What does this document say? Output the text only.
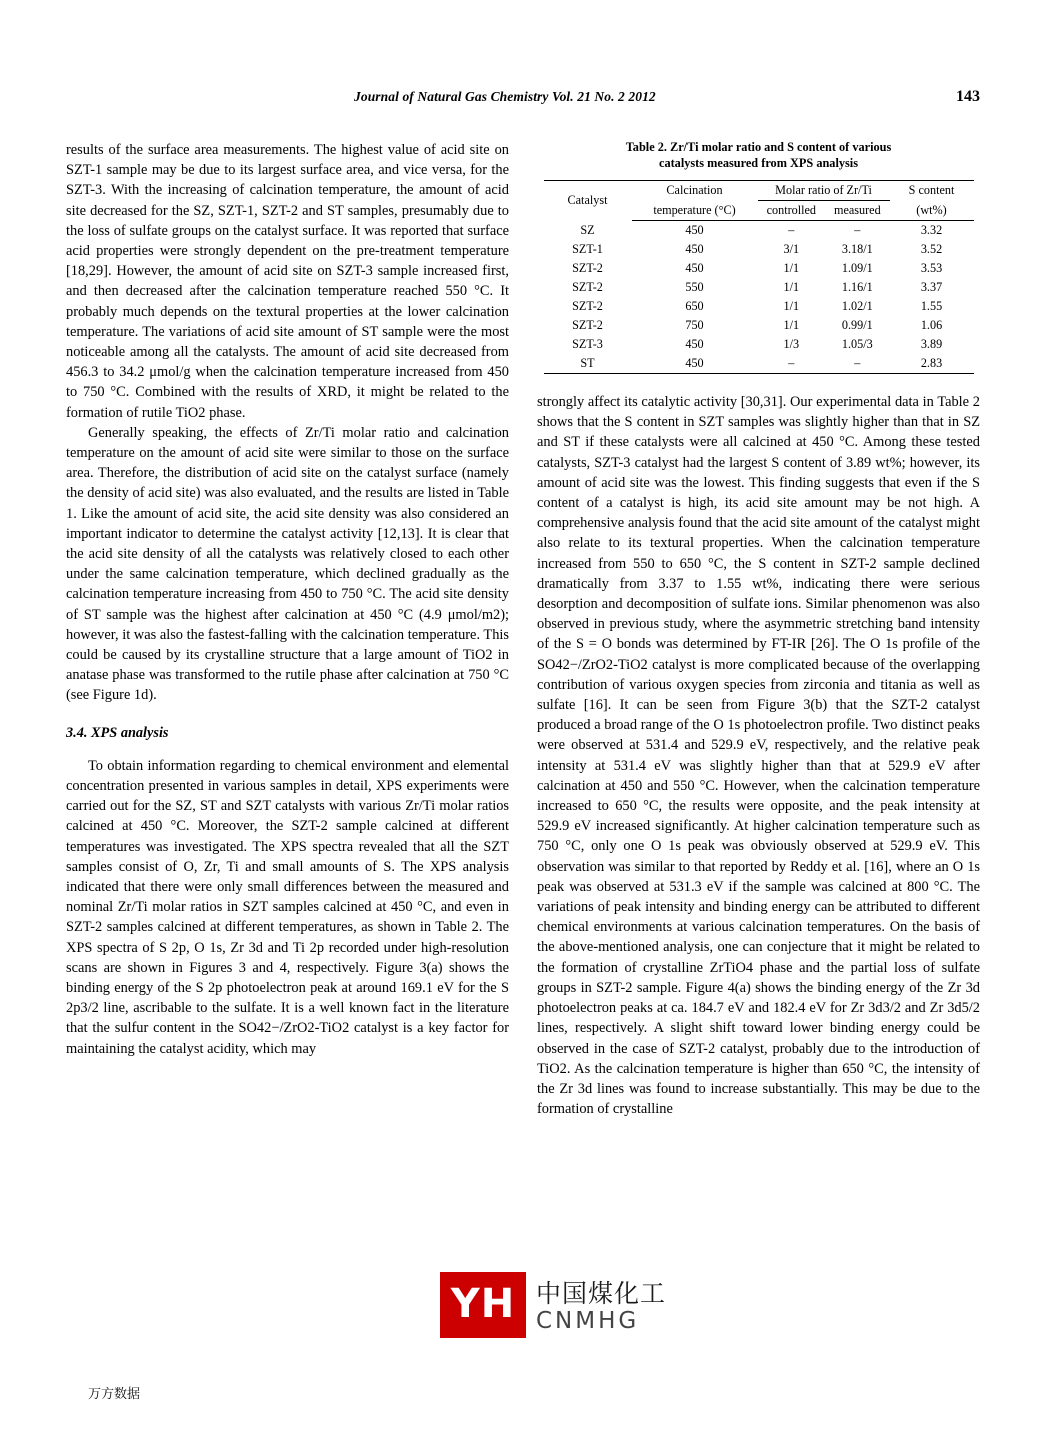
Journal of Natural Gas Chemistry Vol. 21 No. 2 2012	143

results of the surface area measurements. The highest value of acid site on SZT-1 sample may be due to its largest surface area, and vice versa, for the SZT-3. With the increasing of calcination temperature, the amount of acid site decreased for the SZ, SZT-1, SZT-2 and ST samples, presumably due to the loss of sulfate groups on the catalyst surface. It was reported that surface acid properties were strongly dependent on the pre-treatment temperature [18,29]. However, the amount of acid site on SZT-3 sample increased first, and then decreased after the calcination temperature reached 550 °C. It probably much depends on the textural properties at the lower calcination temperature. The variations of acid site amount of ST sample were the most noticeable among all the catalysts. The amount of acid site decreased from 456.3 to 34.2 μmol/g when the calcination temperature increased from 450 to 750 °C. Combined with the results of XRD, it might be related to the formation of rutile TiO2 phase.

Generally speaking, the effects of Zr/Ti molar ratio and calcination temperature on the amount of acid site were similar to those on the surface area. Therefore, the distribution of acid site on the catalyst surface (namely the density of acid site) was also evaluated, and the results are listed in Table 1. Like the amount of acid site, the acid site density was also considered an important indicator to determine the catalyst activity [12,13]. It is clear that the acid site density of all the catalysts was relatively closed to each other under the same calcination temperature, which declined gradually as the calcination temperature increasing from 450 to 750 °C. The acid site density of ST sample was the highest after calcination at 450 °C (4.9 μmol/m2); however, it was also the fastest-falling with the calcination temperature. This could be caused by its crystalline structure that a large amount of TiO2 in anatase phase was transformed to the rutile phase after calcination at 750 °C (see Figure 1d).

3.4. XPS analysis

To obtain information regarding to chemical environment and elemental concentration presented in various samples in detail, XPS experiments were carried out for the SZ, ST and SZT catalysts with various Zr/Ti molar ratios calcined at 450 °C. Moreover, the SZT-2 sample calcined at different temperatures was investigated. The XPS spectra revealed that all the SZT samples consist of O, Zr, Ti and small amounts of S. The XPS analysis indicated that there were only small differences between the measured and nominal Zr/Ti molar ratios in SZT samples calcined at 450 °C, and even in SZT-2 samples calcined at different temperatures, as shown in Table 2. The XPS spectra of S 2p, O 1s, Zr 3d and Ti 2p recorded under high-resolution scans are shown in Figures 3 and 4, respectively. Figure 3(a) shows the binding energy of the S 2p photoelectron peak at around 169.1 eV for the S 2p3/2 line, ascribable to the sulfate. It is a well known fact in the literature that the sulfur content in the SO42−/ZrO2-TiO2 catalyst is a key factor for maintaining the catalyst acidity, which may

Table 2. Zr/Ti molar ratio and S content of various
catalysts measured from XPS analysis
Catalyst	Calcination	Molar ratio of Zr/Ti		S content
	temperature (°C)	controlled	measured	(wt%)
SZ	450	–	–	3.32
SZT-1	450	3/1	3.18/1	3.52
SZT-2	450	1/1	1.09/1	3.53
SZT-2	550	1/1	1.16/1	3.37
SZT-2	650	1/1	1.02/1	1.55
SZT-2	750	1/1	0.99/1	1.06
SZT-3	450	1/3	1.05/3	3.89
ST	450	–	–	2.83

strongly affect its catalytic activity [30,31]. Our experimental data in Table 2 shows that the S content in SZT samples was slightly higher than that in SZ and ST if these catalysts were all calcined at 450 °C. Among these tested catalysts, SZT-3 catalyst had the largest S content of 3.89 wt%; however, its amount of acid site was the lowest. This finding suggests that even if the S content of a catalyst is high, its acid site amount may be not high. A comprehensive analysis found that the acid site amount of the catalyst might also relate to its textural properties. When the calcination temperature increased from 550 to 650 °C, the S content in SZT-2 sample declined dramatically from 3.37 to 1.55 wt%, indicating there were serious desorption and decomposition of sulfate ions. Similar phenomenon was also observed in previous study, where the asymmetric stretching band intensity of the S = O bonds was determined by FT-IR [26]. The O 1s profile of the SO42−/ZrO2-TiO2 catalyst is more complicated because of the overlapping contribution of various oxygen species from zirconia and titania as well as sulfate [16]. It can be seen from Figure 3(b) that the SZT-2 catalyst produced a broad range of the O 1s photoelectron profile. Two distinct peaks were observed at 531.4 and 529.9 eV, respectively, and the relative peak intensity at 531.4 eV was slightly higher than that at 529.9 eV after calcination at 450 and 550 °C. However, when the calcination temperature increased to 650 °C, the results were opposite, and the peak intensity at 529.9 eV increased significantly. At higher calcination temperature such as 750 °C, only one O 1s peak was obviously observed at 529.9 eV. This observation was similar to that reported by Reddy et al. [16], where an O 1s peak was observed at 531.3 eV if the sample was calcined at 800 °C. The variations of peak intensity and binding energy can be attributed to different chemical environments at various calcination temperatures. On the basis of the above-mentioned analysis, one can conjecture that it might be related to the formation of crystalline ZrTiO4 phase and the partial loss of sulfate groups in SZT-2 sample. Figure 4(a) shows the binding energy of the Zr 3d photoelectron peaks at ca. 184.7 eV and 182.4 eV for Zr 3d3/2 and Zr 3d5/2 lines, respectively. A slight shift toward lower binding energy could be observed in the case of SZT-2 catalyst, probably due to the introduction of TiO2. As the calcination temperature is higher than 650 °C, the intensity of the Zr 3d lines was found to increase substantially. This may be due to the formation of crystalline

YH 中国煤化工
CNMHG
万方数据
